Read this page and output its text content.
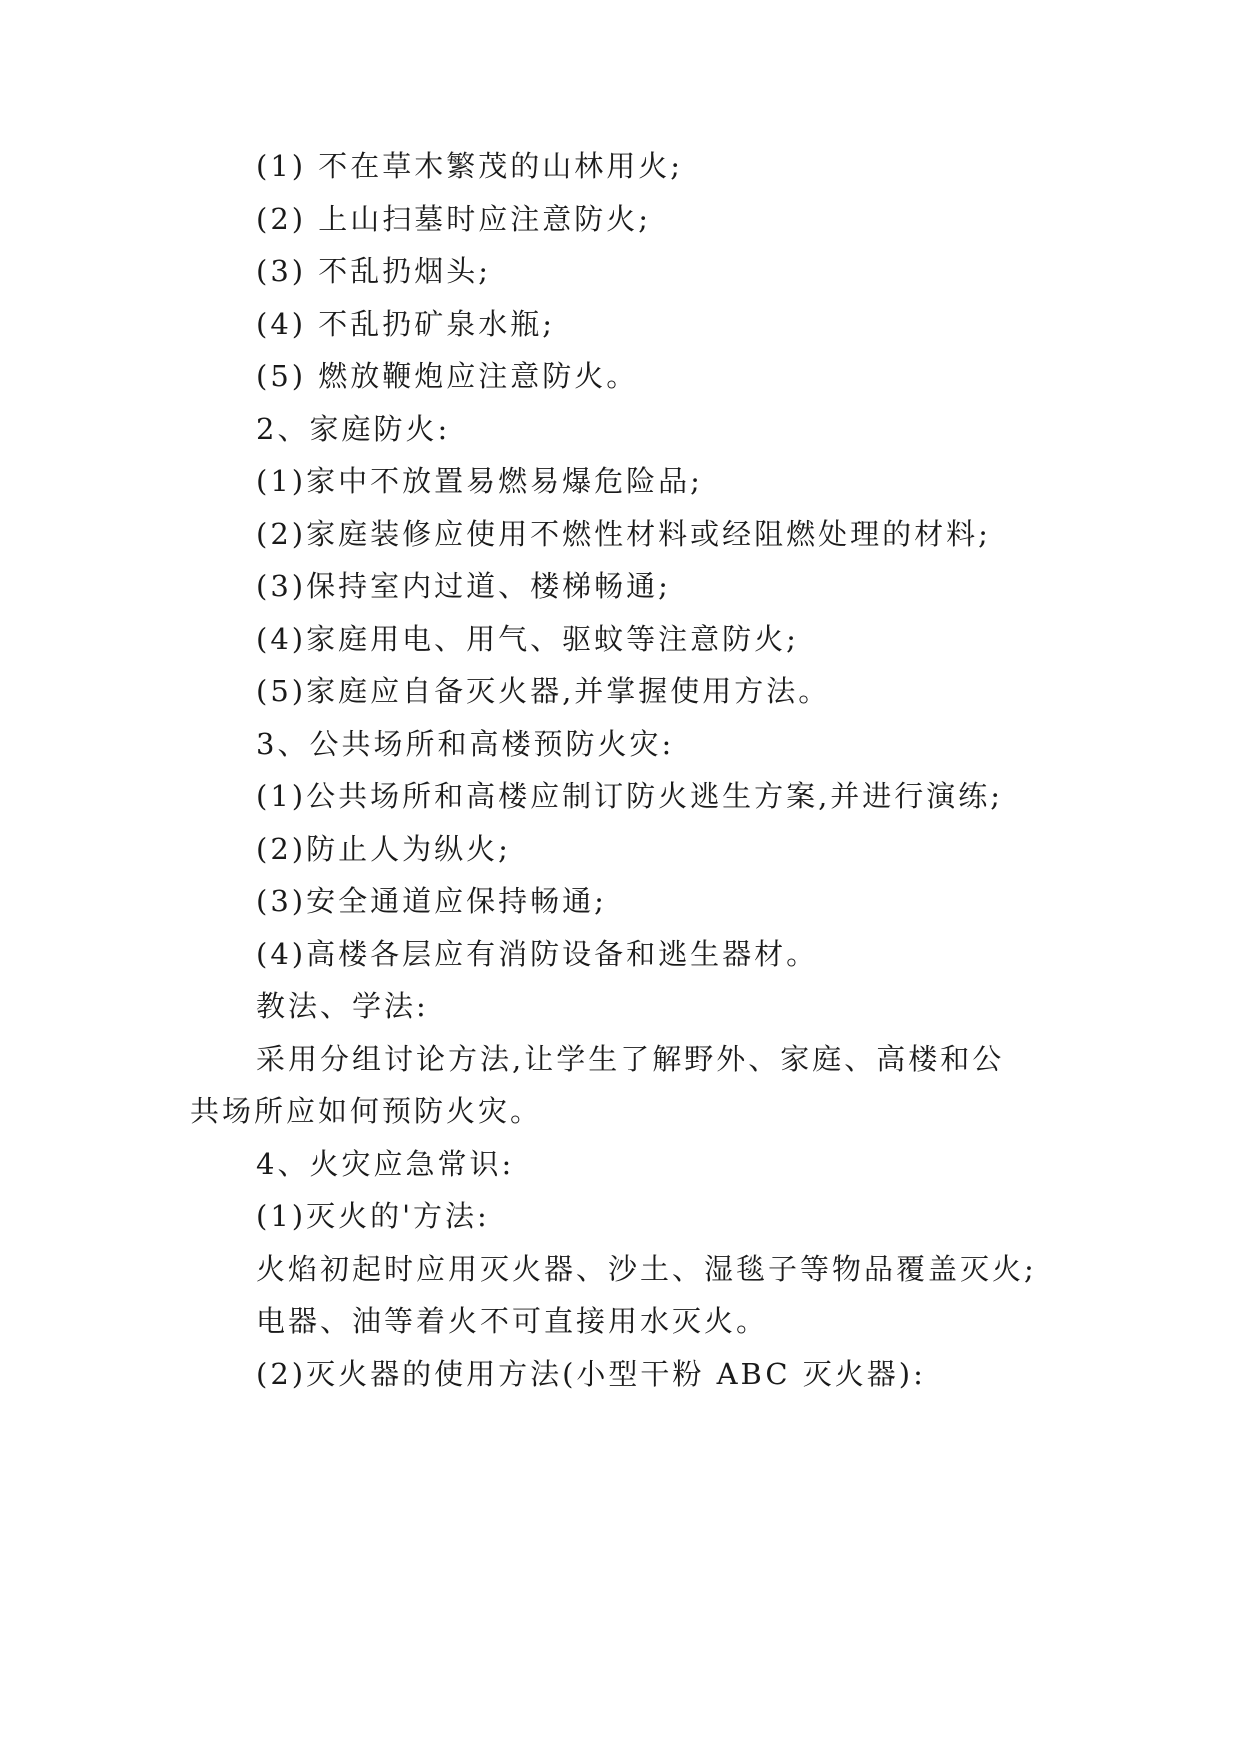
(1) 不在草木繁茂的山林用火;
(2) 上山扫墓时应注意防火;
(3) 不乱扔烟头;
(4) 不乱扔矿泉水瓶;
(5) 燃放鞭炮应注意防火。
2、家庭防火:
(1)家中不放置易燃易爆危险品;
(2)家庭装修应使用不燃性材料或经阻燃处理的材料;
(3)保持室内过道、楼梯畅通;
(4)家庭用电、用气、驱蚊等注意防火;
(5)家庭应自备灭火器,并掌握使用方法。
3、公共场所和高楼预防火灾:
(1)公共场所和高楼应制订防火逃生方案,并进行演练;
(2)防止人为纵火;
(3)安全通道应保持畅通;
(4)高楼各层应有消防设备和逃生器材。
教法、学法:
采用分组讨论方法,让学生了解野外、家庭、高楼和公
共场所应如何预防火灾。
4、火灾应急常识:
(1)灭火的'方法:
火焰初起时应用灭火器、沙土、湿毯子等物品覆盖灭火;
电器、油等着火不可直接用水灭火。
(2)灭火器的使用方法(小型干粉 ABC 灭火器):
